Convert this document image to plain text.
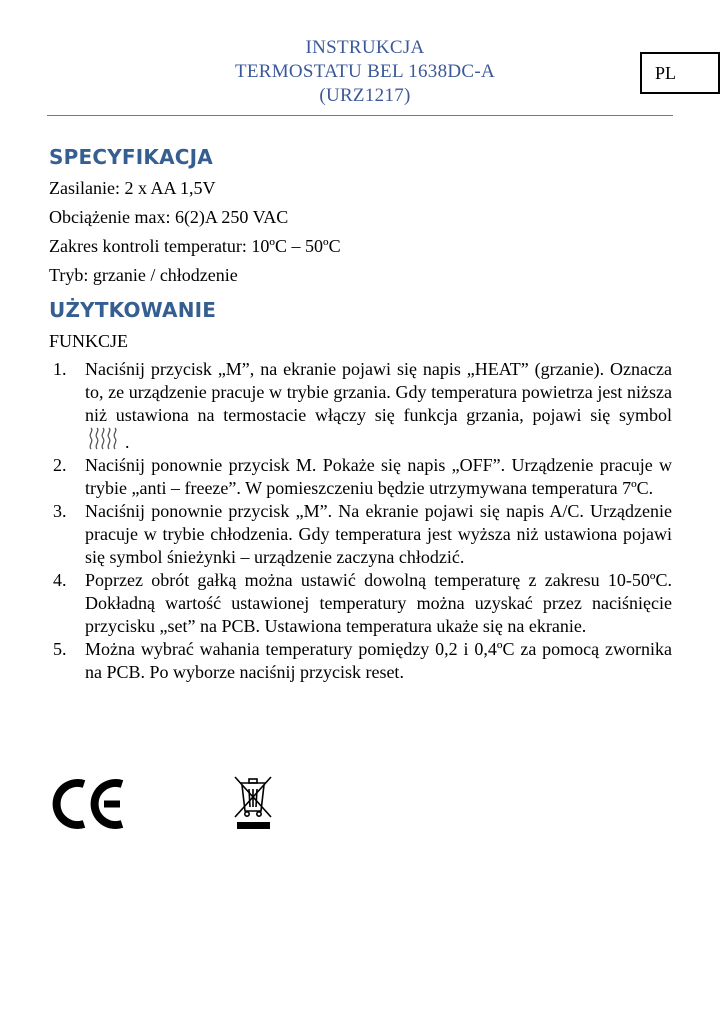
INSTRUKCJA
TERMOSTATU BEL 1638DC-A
(URZ1217)
PL
SPECYFIKACJA
Zasilanie: 2 x AA 1,5V
Obciążenie max: 6(2)A 250 VAC
Zakres kontroli temperatur: 10ºC – 50ºC
Tryb: grzanie / chłodzenie
UŻYTKOWANIE
FUNKCJE
1. Naciśnij przycisk „M”, na ekranie pojawi się napis „HEAT” (grzanie). Oznacza to, ze urządzenie pracuje w trybie grzania. Gdy temperatura powietrza jest niższa niż ustawiona na termostacie włączy się funkcja grzania, pojawi się symbol .
2. Naciśnij ponownie przycisk M. Pokaże się napis „OFF”. Urządzenie pracuje w trybie „anti – freeze”. W pomieszczeniu będzie utrzymywana temperatura 7ºC.
3. Naciśnij ponownie przycisk „M”. Na ekranie pojawi się napis A/C. Urządzenie pracuje w trybie chłodzenia. Gdy temperatura jest wyższa niż ustawiona pojawi się symbol śnieżynki – urządzenie zaczyna chłodzić.
4. Poprzez obrót gałką można ustawić dowolną temperaturę z zakresu 10-50ºC. Dokładną wartość ustawionej temperatury można uzyskać przez naciśnięcie przycisku „set” na PCB. Ustawiona temperatura ukaże się na ekranie.
5. Można wybrać wahania temperatury pomiędzy 0,2 i 0,4ºC za pomocą zwornika na PCB. Po wyborze naciśnij przycisk reset.
